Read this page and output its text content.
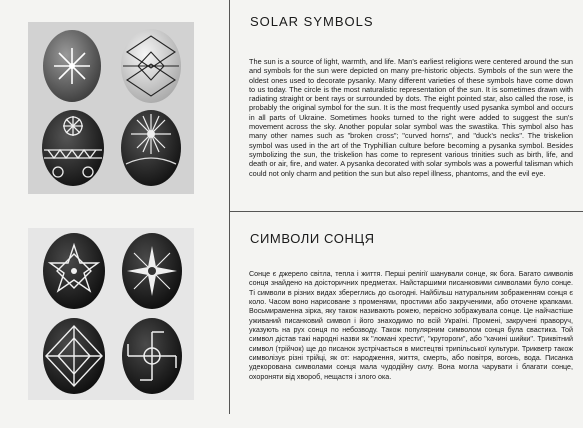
SOLAR SYMBOLS

The sun is a source of light, warmth, and life. Man's earliest religions were centered around the sun and symbols for the sun were depicted on many pre-historic objects. Symbols of the sun were the oldest ones used to decorate pysanky. Many different varieties of these symbols have come down to us today. The circle is the most naturalistic representation of the sun. It is sometimes drawn with radiating straight or bent rays or surrounded by dots. The eight pointed star, also called the rose, is probably the original symbol for the sun. It is the most frequently used pysanka symbol and occurs in all parts of Ukraine. Sometimes hooks turned to the right were added to suggest the sun's movement across the sky. Another popular solar symbol was the swastika. This symbol also has many other names such as "broken cross"; "curved horns", and "duck's necks". The triskelion symbol was used in the art of the Tryphillian culture before becoming a pysanka symbol. Besides symbolizing the sun, the triskelion has come to represent various trinities such as birth, life, and death or air, fire, and water. A pysanka decorated with solar symbols was a powerful talisman which could not only charm and petition the sun but also repel illness, phantoms, and the evil eye.

СИМВОЛИ СОНЦЯ

Сонце є джерело світла, тепла і життя. Перші релігії шанували сонце, як бога. Багато символів сонця знайдено на доісторичних предметах. Найстаршими писанковими символами було сонце. Ті символи в різних видах збереглись до сьогодні. Найбільш натуральним зображенням сонця є коло. Часом воно нарисоване з променями, простими або закрученими, або оточене крапками. Восьмираменна зірка, яку також називають рожею, первісно зображувала сонце. Це найчастіше уживаний писанковий символ і його знаходимо по всій Україні. Промені, закручені праворуч, указують на рух сонця по небозводу. Також популярним символом сонця була свастика. Той символ дістав такі народні назви як "ломані хрести", "крутороги", або "качині шийки". Триквітний символ (трійчок) ще до писанок зустрічається в мистецтві трипільської культури. Трикветр також символізує різні трійці, як от: народження, життя, смерть, або повітря, вогонь, вода. Писанка удекорована символами сонця мала чудодійну силу. Вона могла чарувати і благати сонце, охороняти від хвороб, нещастя і злого ока.
